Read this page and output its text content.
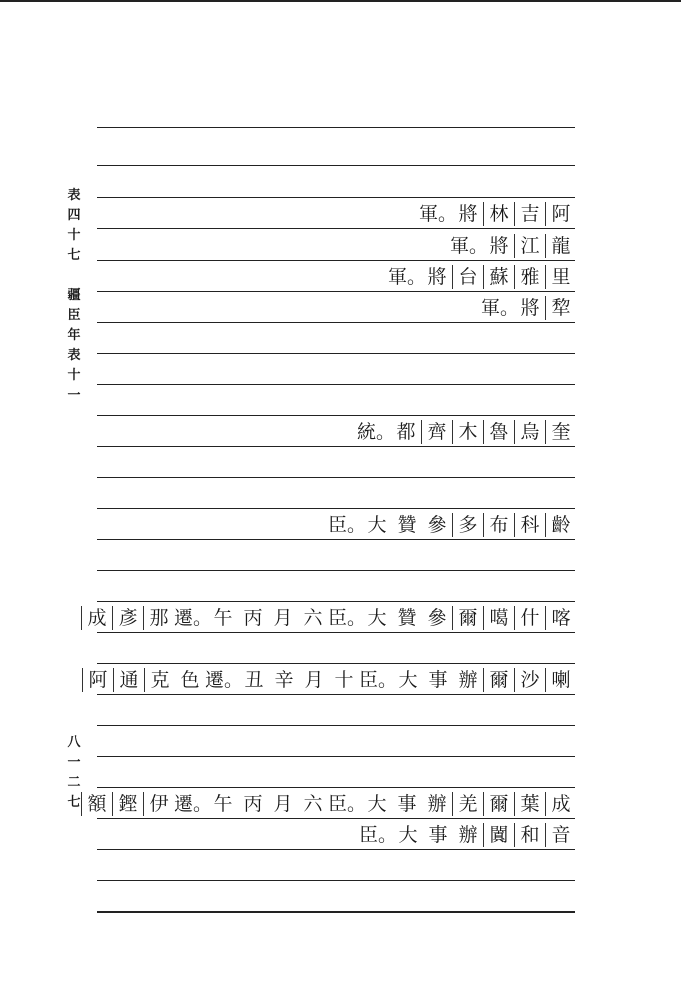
表
四
十
七

疆
臣
年
表
十
一
八
一
二
七
軍。 將 林 吉 阿
軍。 將 江 龍
軍。 將 台 蘇 雅 里
軍。 將 犂
統。 都 齊 木 魯 烏 奎
臣。 大 贊 參 多 布 科 齡
成 彥 那 遷。 午 丙 月 六 臣。 大 贊 參 爾 噶 什 喀
阿 通 克 色 遷。 丑 辛 月 十 臣。 大 事 辦 爾 沙 喇
額 鏗 伊 遷。 午 丙 月 六 臣。 大 事 辦 羌 爾 葉 成
臣。 大 事 辦 闐 和 音
